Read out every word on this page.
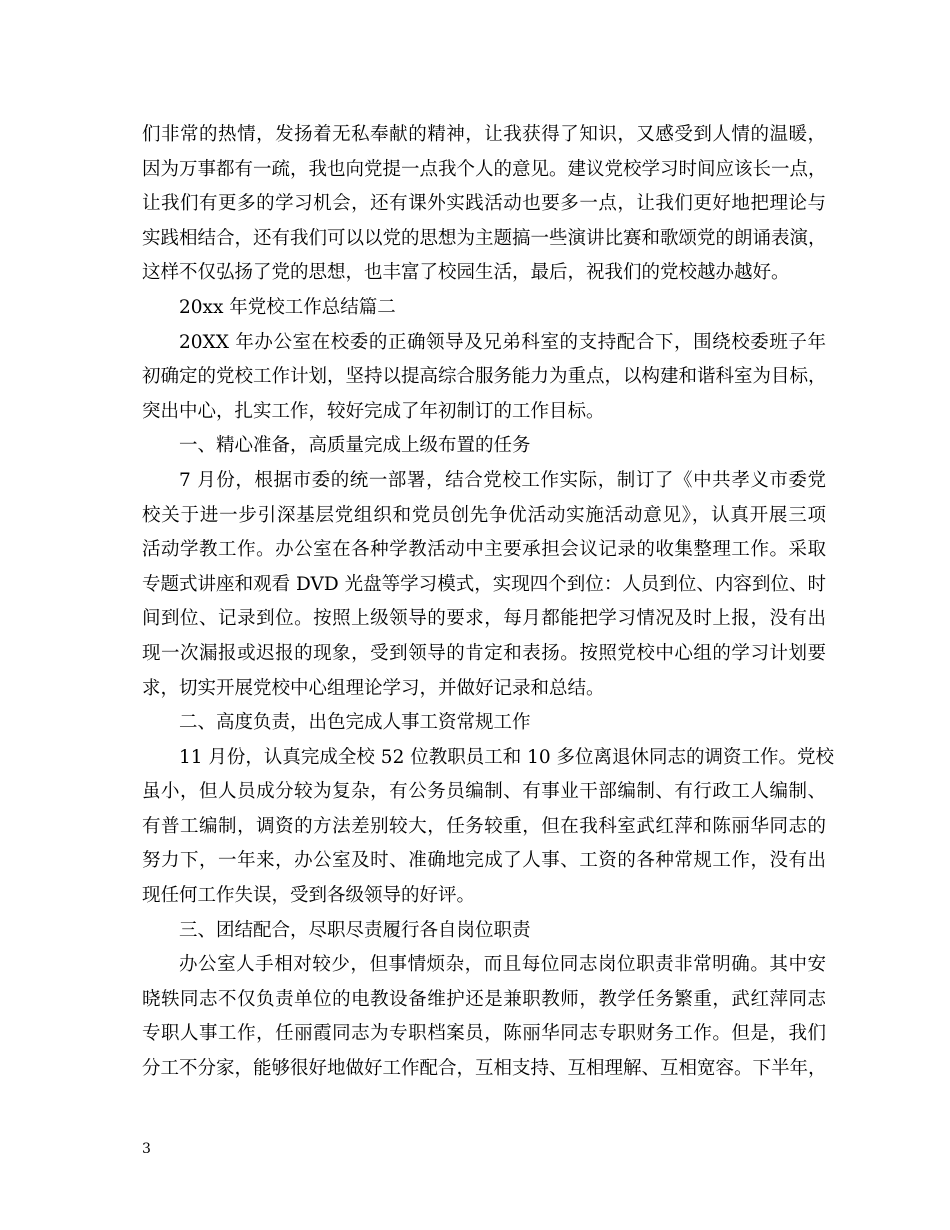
们非常的热情，发扬着无私奉献的精神，让我获得了知识，又感受到人情的温暖，
因为万事都有一疏，我也向党提一点我个人的意见。建议党校学习时间应该长一点，
让我们有更多的学习机会，还有课外实践活动也要多一点，让我们更好地把理论与
实践相结合，还有我们可以以党的思想为主题搞一些演讲比赛和歌颂党的朗诵表演，
这样不仅弘扬了党的思想，也丰富了校园生活，最后，祝我们的党校越办越好。
20xx 年党校工作总结篇二
20XX 年办公室在校委的正确领导及兄弟科室的支持配合下，围绕校委班子年
初确定的党校工作计划，坚持以提高综合服务能力为重点，以构建和谐科室为目标，
突出中心，扎实工作，较好完成了年初制订的工作目标。
一、精心准备，高质量完成上级布置的任务
7 月份，根据市委的统一部署，结合党校工作实际，制订了《中共孝义市委党
校关于进一步引深基层党组织和党员创先争优活动实施活动意见》，认真开展三项
活动学教工作。办公室在各种学教活动中主要承担会议记录的收集整理工作。采取
专题式讲座和观看 DVD 光盘等学习模式，实现四个到位：人员到位、内容到位、时
间到位、记录到位。按照上级领导的要求，每月都能把学习情况及时上报，没有出
现一次漏报或迟报的现象，受到领导的肯定和表扬。按照党校中心组的学习计划要
求，切实开展党校中心组理论学习，并做好记录和总结。
二、高度负责，出色完成人事工资常规工作
11 月份，认真完成全校 52 位教职员工和 10 多位离退休同志的调资工作。党校
虽小，但人员成分较为复杂，有公务员编制、有事业干部编制、有行政工人编制、
有普工编制，调资的方法差别较大，任务较重，但在我科室武红萍和陈丽华同志的
努力下，一年来，办公室及时、准确地完成了人事、工资的各种常规工作，没有出
现任何工作失误，受到各级领导的好评。
三、团结配合，尽职尽责履行各自岗位职责
办公室人手相对较少，但事情烦杂，而且每位同志岗位职责非常明确。其中安
晓轶同志不仅负责单位的电教设备维护还是兼职教师，教学任务繁重，武红萍同志
专职人事工作，任丽霞同志为专职档案员，陈丽华同志专职财务工作。但是，我们
分工不分家，能够很好地做好工作配合，互相支持、互相理解、互相宽容。下半年，
3
